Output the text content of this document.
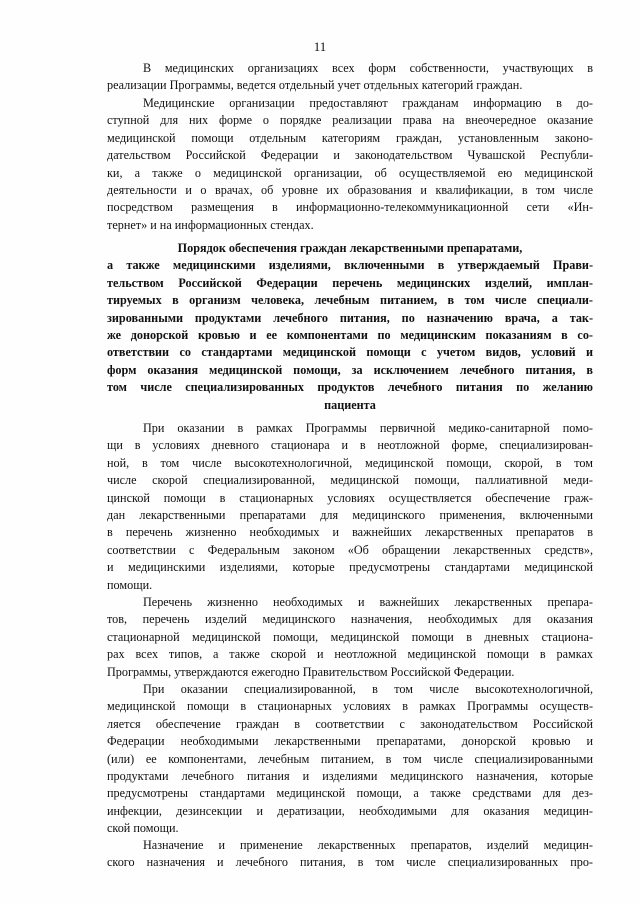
11
В медицинских организациях всех форм собственности, участвующих в
реализации Программы, ведется отдельный учет отдельных категорий граждан.
Медицинские организации предоставляют гражданам информацию в до-
ступной для них форме о порядке реализации права на внеочередное оказание
медицинской помощи отдельным категориям граждан, установленным законо-
дательством Российской Федерации и законодательством Чувашской Республи-
ки, а также о медицинской организации, об осуществляемой ею медицинской
деятельности и о врачах, об уровне их образования и квалификации, в том числе
посредством размещения в информационно-телекоммуникационной сети «Ин-
тернет» и на информационных стендах.
Порядок обеспечения граждан лекарственными препаратами,
а также медицинскими изделиями, включенными в утверждаемый Прави-
тельством Российской Федерации перечень медицинских изделий, имплан-
тируемых в организм человека, лечебным питанием, в том числе специали-
зированными продуктами лечебного питания, по назначению врача, а так-
же донорской кровью и ее компонентами по медицинским показаниям в со-
ответствии со стандартами медицинской помощи с учетом видов, условий и
форм оказания медицинской помощи, за исключением лечебного питания, в
том числе специализированных продуктов лечебного питания по желанию
пациента
При оказании в рамках Программы первичной медико-санитарной помо-
щи в условиях дневного стационара и в неотложной форме, специализирован-
ной, в том числе высокотехнологичной, медицинской помощи, скорой, в том
числе скорой специализированной, медицинской помощи, паллиативной меди-
цинской помощи в стационарных условиях осуществляется обеспечение граж-
дан лекарственными препаратами для медицинского применения, включенными
в перечень жизненно необходимых и важнейших лекарственных препаратов в
соответствии с Федеральным законом «Об обращении лекарственных средств»,
и медицинскими изделиями, которые предусмотрены стандартами медицинской
помощи.
Перечень жизненно необходимых и важнейших лекарственных препара-
тов, перечень изделий медицинского назначения, необходимых для оказания
стационарной медицинской помощи, медицинской помощи в дневных стациона-
рах всех типов, а также скорой и неотложной медицинской помощи в рамках
Программы, утверждаются ежегодно Правительством Российской Федерации.
При оказании специализированной, в том числе высокотехнологичной,
медицинской помощи в стационарных условиях в рамках Программы осуществ-
ляется обеспечение граждан в соответствии с законодательством Российской
Федерации необходимыми лекарственными препаратами, донорской кровью и
(или) ее компонентами, лечебным питанием, в том числе специализированными
продуктами лечебного питания и изделиями медицинского назначения, которые
предусмотрены стандартами медицинской помощи, а также средствами для дез-
инфекции, дезинсекции и дератизации, необходимыми для оказания медицин-
ской помощи.
Назначение и применение лекарственных препаратов, изделий медицин-
ского назначения и лечебного питания, в том числе специализированных про-
